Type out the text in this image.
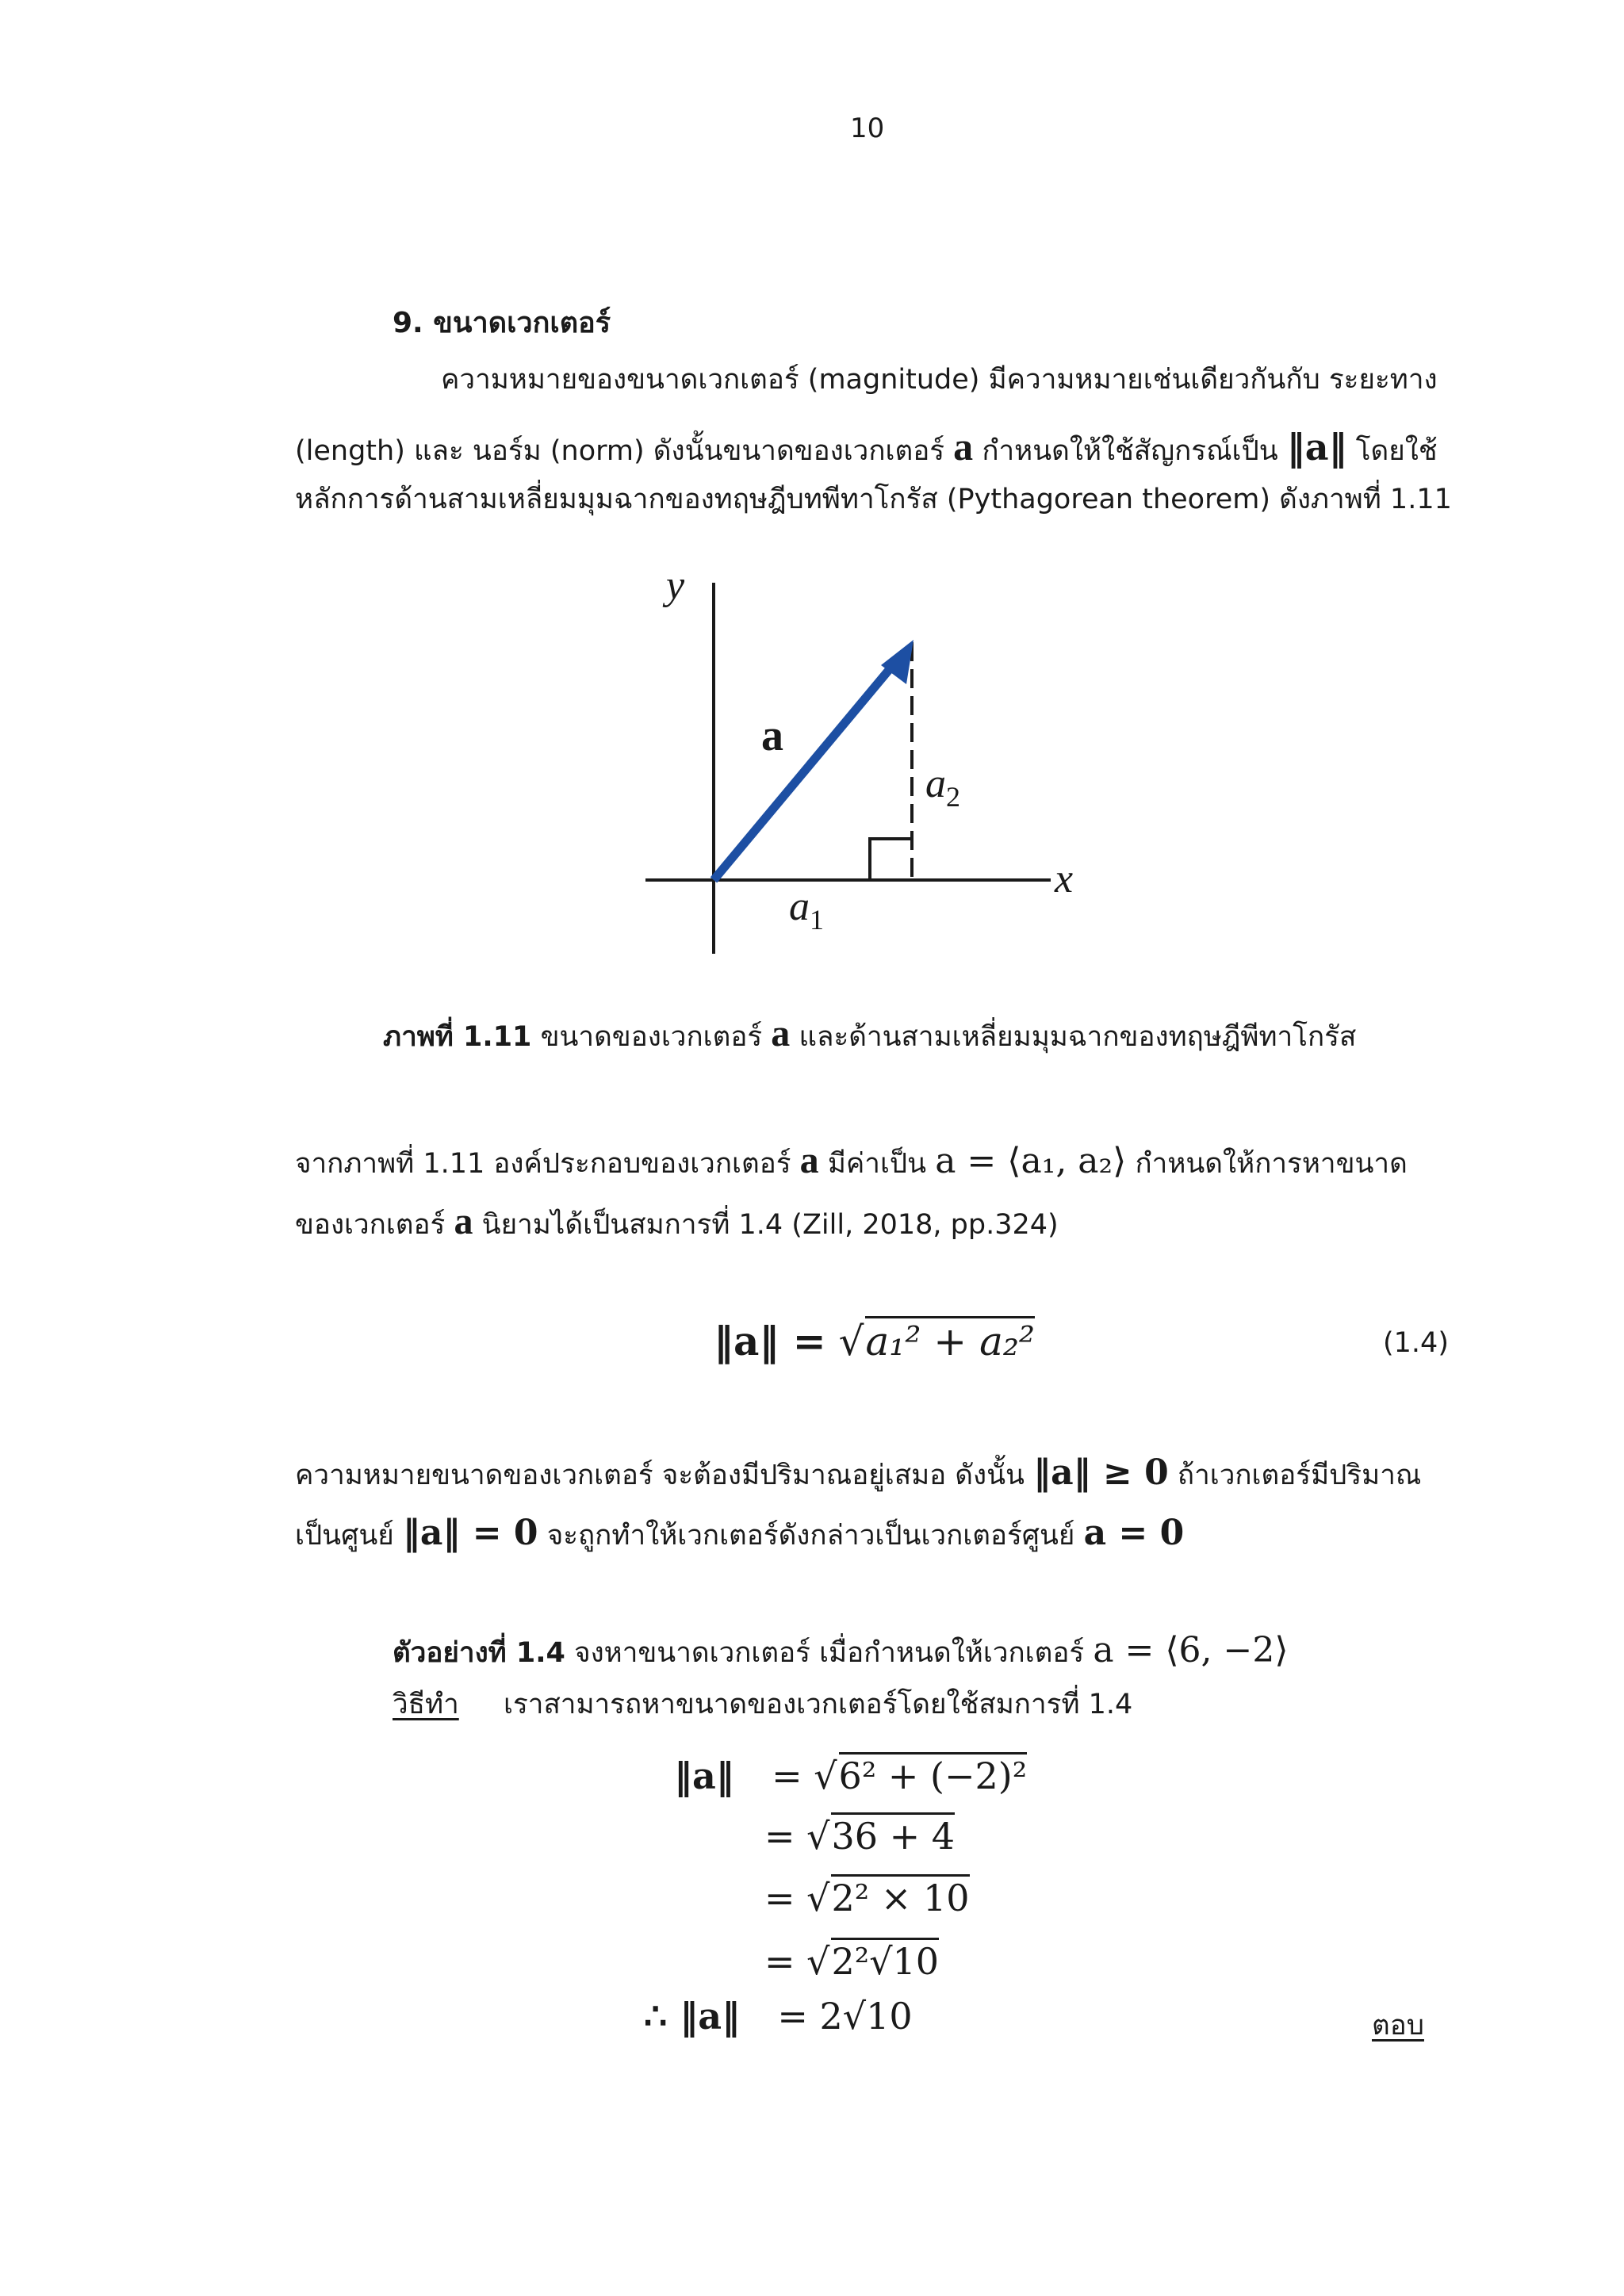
10
9. ขนาดเวกเตอร์
ความหมายของขนาดเวกเตอร์ (magnitude) มีความหมายเช่นเดียวกันกับ ระยะทาง
(length) และ นอร์ม (norm) ดังนั้นขนาดของเวกเตอร์ a กำหนดให้ใช้สัญกรณ์เป็น ‖a‖ โดยใช้
หลักการด้านสามเหลี่ยมมุมฉากของทฤษฎีบทพีทาโกรัส (Pythagorean theorem) ดังภาพที่ 1.11
y
x
a
$a_2$
$a_1$
ภาพที่ 1.11 ขนาดของเวกเตอร์ a และด้านสามเหลี่ยมมุมฉากของทฤษฎีพีทาโกรัส
จากภาพที่ 1.11 องค์ประกอบของเวกเตอร์ a มีค่าเป็น a = ⟨a₁, a₂⟩ กำหนดให้การหาขนาด
ของเวกเตอร์ a นิยามได้เป็นสมการที่ 1.4 (Zill, 2018, pp.324)
‖a‖ = √a₁² + a₂²	(1.4)
ความหมายขนาดของเวกเตอร์ จะต้องมีปริมาณอยู่เสมอ ดังนั้น ‖a‖ ≥ 0 ถ้าเวกเตอร์มีปริมาณ
เป็นศูนย์ ‖a‖ = 0 จะถูกทำให้เวกเตอร์ดังกล่าวเป็นเวกเตอร์ศูนย์ a = 0
ตัวอย่างที่ 1.4 จงหาขนาดเวกเตอร์ เมื่อกำหนดให้เวกเตอร์ a = ⟨6, −2⟩
วิธีทำ เราสามารถหาขนาดของเวกเตอร์โดยใช้สมการที่ 1.4
‖a‖ = √6² + (−2)²
= √36 + 4
= √2² × 10
= √2²√10
∴ ‖a‖ = 2√10	ตอบ
